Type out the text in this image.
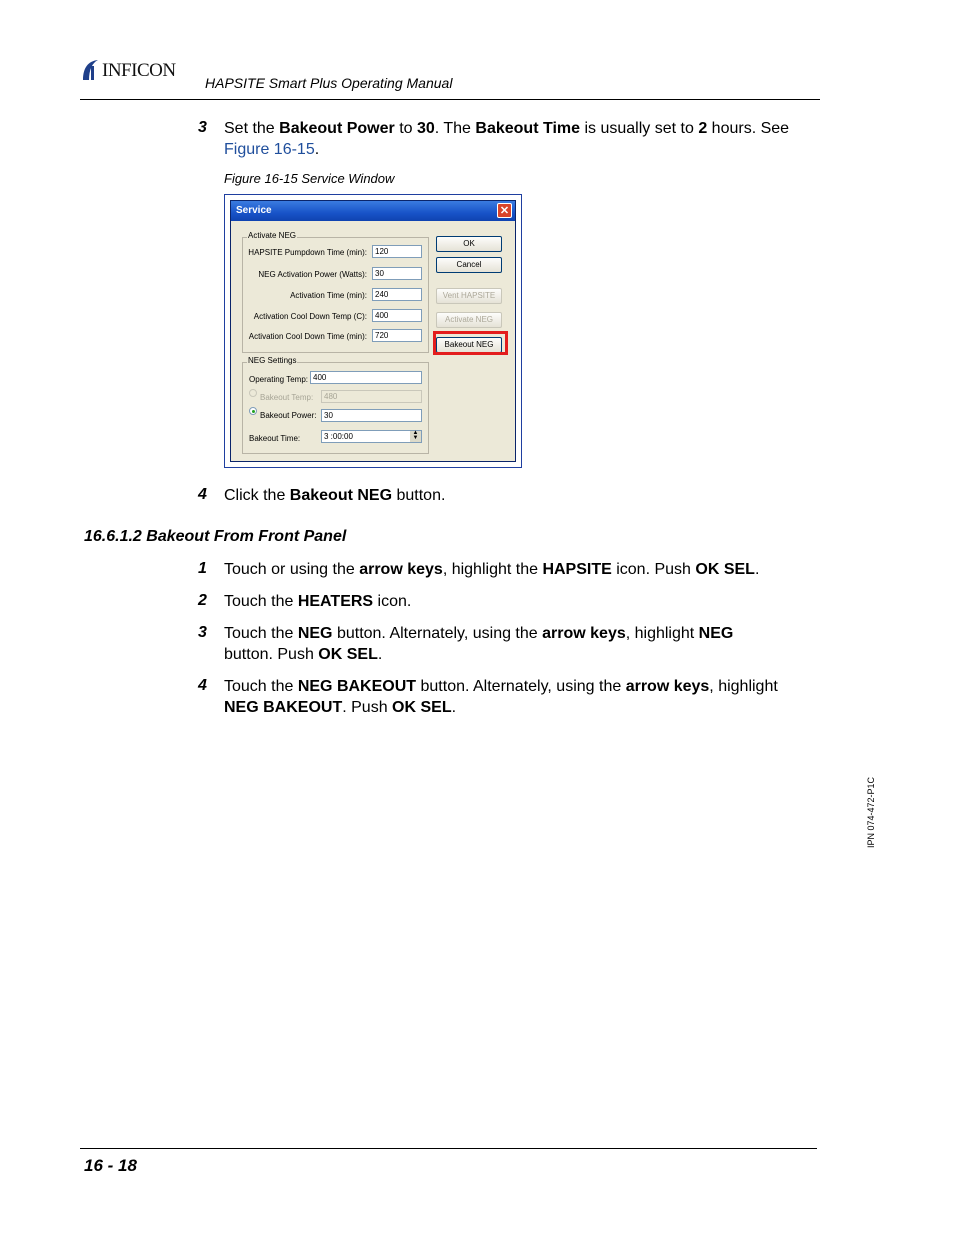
INFICON
HAPSITE Smart Plus Operating Manual
3 Set the Bakeout Power to 30. The Bakeout Time is usually set to 2 hours. See
Figure 16-15.
Figure 16-15 Service Window
Service	✕
Activate NEG
HAPSITE Pumpdown Time (min):	120
NEG Activation Power (Watts):	30
Activation Time (min):	240
Activation Cool Down Temp (C):	400
Activation Cool Down Time (min):	720
NEG Settings
Operating Temp: 400
Bakeout Temp:	480
Bakeout Power: 30
Bakeout Time:	3 :00:00	▲
▼
OK
Cancel
Vent HAPSITE
Activate NEG
Bakeout NEG
4 Click the Bakeout NEG button.
16.6.1.2 Bakeout From Front Panel
1 Touch or using the arrow keys, highlight the HAPSITE icon. Push OK SEL.
2 Touch the HEATERS icon.
3 Touch the NEG button. Alternately, using the arrow keys, highlight NEG
button. Push OK SEL.
4 Touch the NEG BAKEOUT button. Alternately, using the arrow keys, highlight
NEG BAKEOUT. Push OK SEL.
IPN 074-472-P1C
16 - 18
